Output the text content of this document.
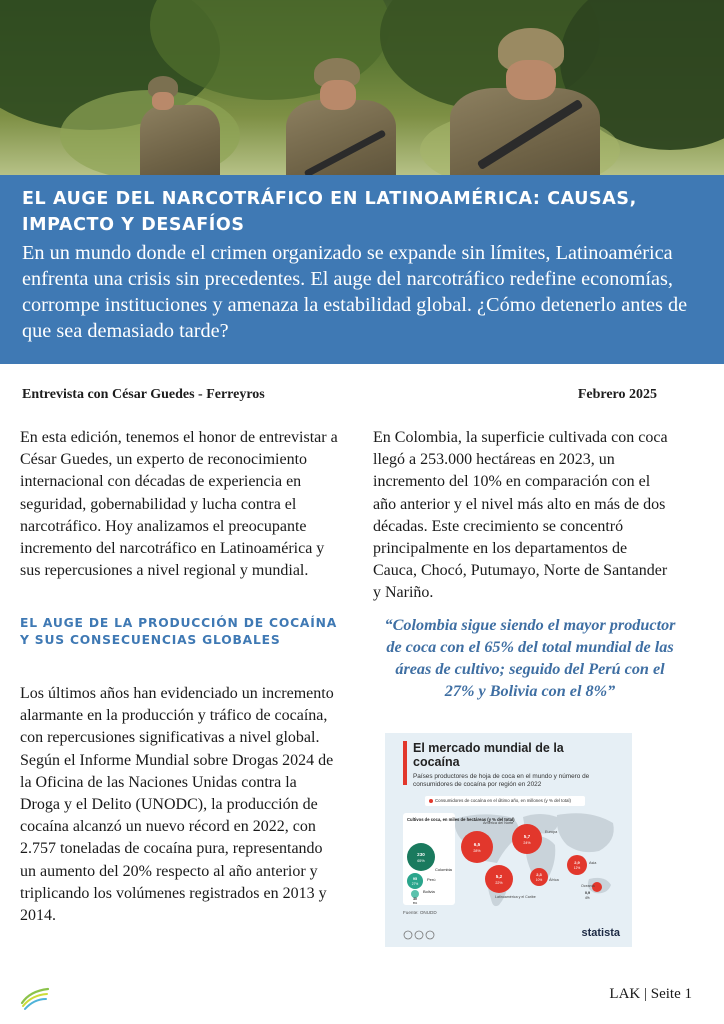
EL AUGE DEL NARCOTRÁFICO EN LATINOAMÉRICA: CAUSAS, IMPACTO Y DESAFÍOS

En un mundo donde el crimen organizado se expande sin límites, Latinoamérica enfrenta una crisis sin precedentes. El auge del narcotráfico redefine economías, corrompe instituciones y amenaza la estabilidad global. ¿Cómo detenerlo antes de que sea demasiado tarde?

Entrevista con César Guedes - Ferreyros	Febrero 2025

En esta edición, tenemos el honor de entrevistar a César Guedes, un experto de reconocimiento internacional con décadas de experiencia en seguridad, gobernabilidad y lucha contra el narcotráfico. Hoy analizamos el preocupante incremento del narcotráfico en Latinoamérica y sus repercusiones a nivel regional y mundial.

EL AUGE DE LA PRODUCCIÓN DE COCAÍNA Y SUS CONSECUENCIAS GLOBALES

Los últimos años han evidenciado un incremento alarmante en la producción y tráfico de cocaína, con repercusiones significativas a nivel global. Según el Informe Mundial sobre Drogas 2024 de la Oficina de las Naciones Unidas contra la Droga y el Delito (UNODC), la producción de cocaína alcanzó un nuevo récord en 2022, con 2.757 toneladas de cocaína pura, representando un aumento del 20% respecto al año anterior y triplicando los volúmenes registrados en 2013 y 2014.

En Colombia, la superficie cultivada con coca llegó a 253.000 hectáreas en 2023, un incremento del 10% en comparación con el año anterior y el nivel más alto en más de dos décadas. Este crecimiento se concentró principalmente en los departamentos de Cauca, Chocó, Putumayo, Norte de Santander y Nariño.

“Colombia sigue siendo el mayor productor de coca con el 65% del total mundial de las áreas de cultivo; seguido del Perú con el 27% y Bolivia con el 8%”

El mercado mundial de la cocaína

Países productores de hoja de coca en el mundo y número de consumidores de cocaína por región en 2022

Consumidores de cocaína en el último año, en millones (y % del total)
Cultivos de coca, en miles de hectáreas (y % del total)
230
65%
Colombia
95
27%
Perú
30
8%
Bolivia
6,5
28%
América del Norte
5,7
24%
Europa
5,2
22%
Latinoamérica y el Caribe
2,3
10% África
2,9
12%
Asia
Oceanía
0,9
4%

Fuente: ONUDD

statista

LAK | Seite 1
